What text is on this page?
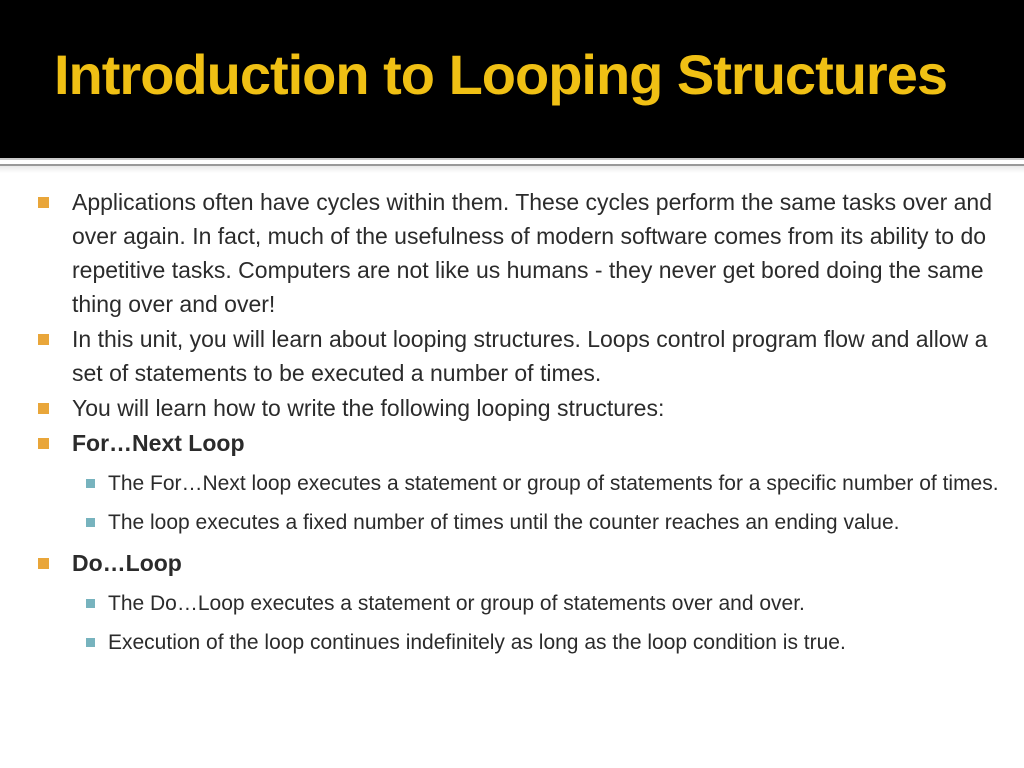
Introduction to Looping Structures
Applications often have cycles within them. These cycles perform the same tasks over and over again. In fact, much of the usefulness of modern software comes from its ability to do repetitive tasks. Computers are not like us humans - they never get bored doing the same thing over and over!
In this unit, you will learn about looping structures. Loops control program flow and allow a set of statements to be executed a number of times.
You will learn how to write the following looping structures:
For…Next Loop
The For…Next loop executes a statement or group of statements for a specific number of times.
The loop executes a fixed number of times until the counter reaches an ending value.
Do…Loop
The Do…Loop executes a statement or group of statements over and over.
Execution of the loop continues indefinitely as long as the loop condition is true.
